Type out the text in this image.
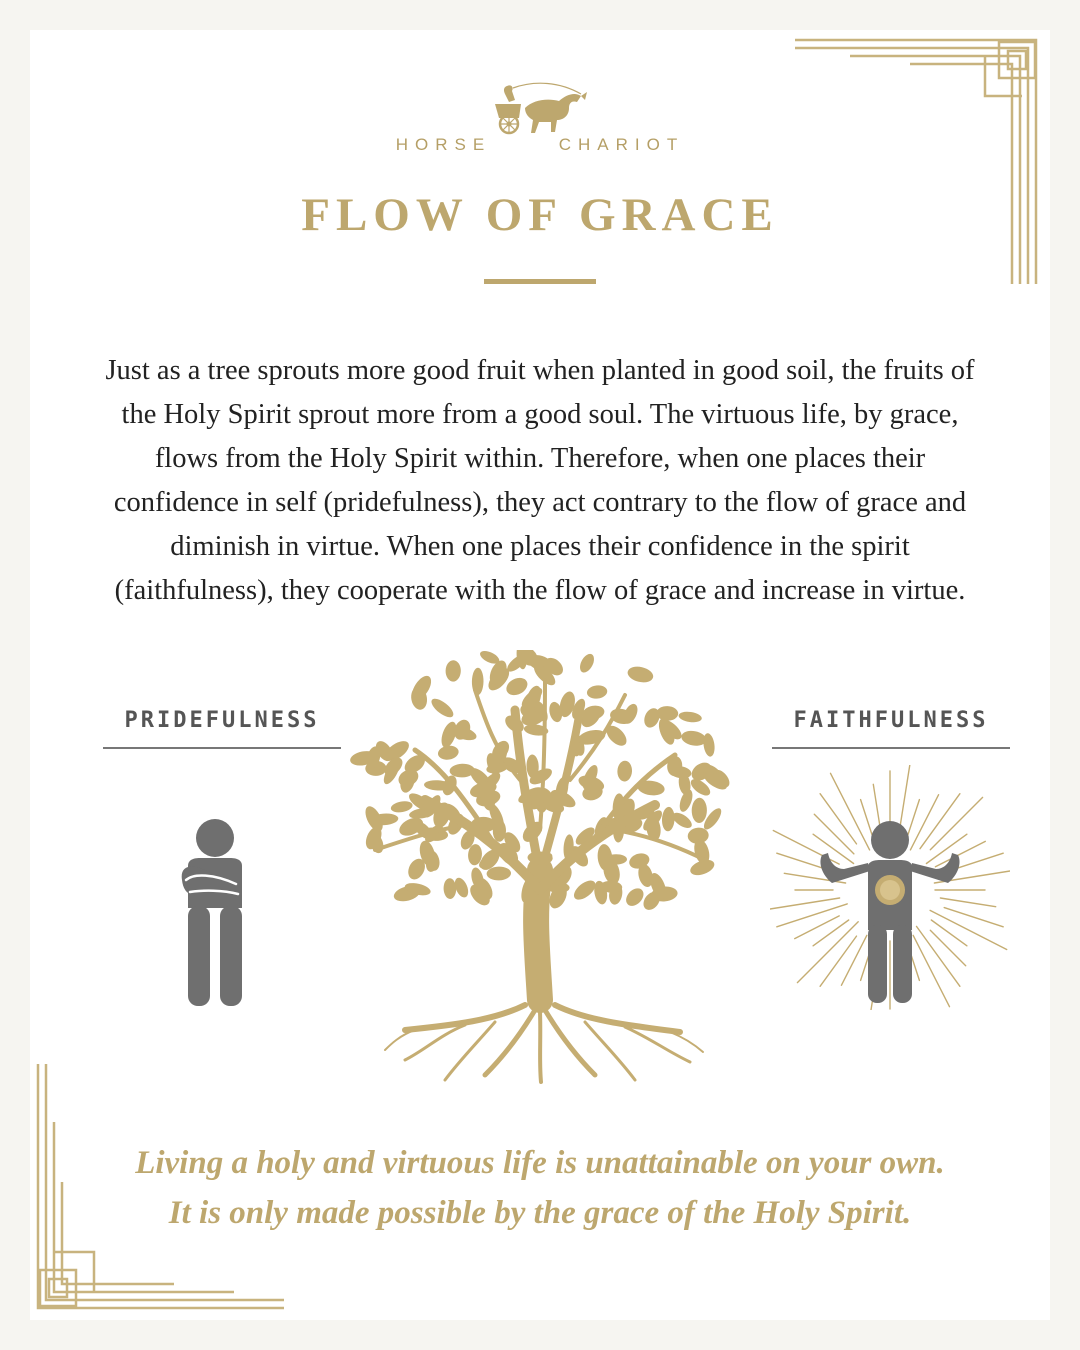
HORSE	CHARIOT
FLOW OF GRACE
Just as a tree sprouts more good fruit when planted in good soil, the fruits of the Holy Spirit sprout more from a good soul. The virtuous life, by grace, flows from the Holy Spirit within. Therefore, when one places their confidence in self (pridefulness), they act contrary to the flow of grace and diminish in virtue. When one places their confidence in the spirit (faithfulness), they cooperate with the flow of grace and increase in virtue.
PRIDEFULNESS	FAITHFULNESS
Living a holy and virtuous life is unattainable on your own.
It is only made possible by the grace of the Holy Spirit.
